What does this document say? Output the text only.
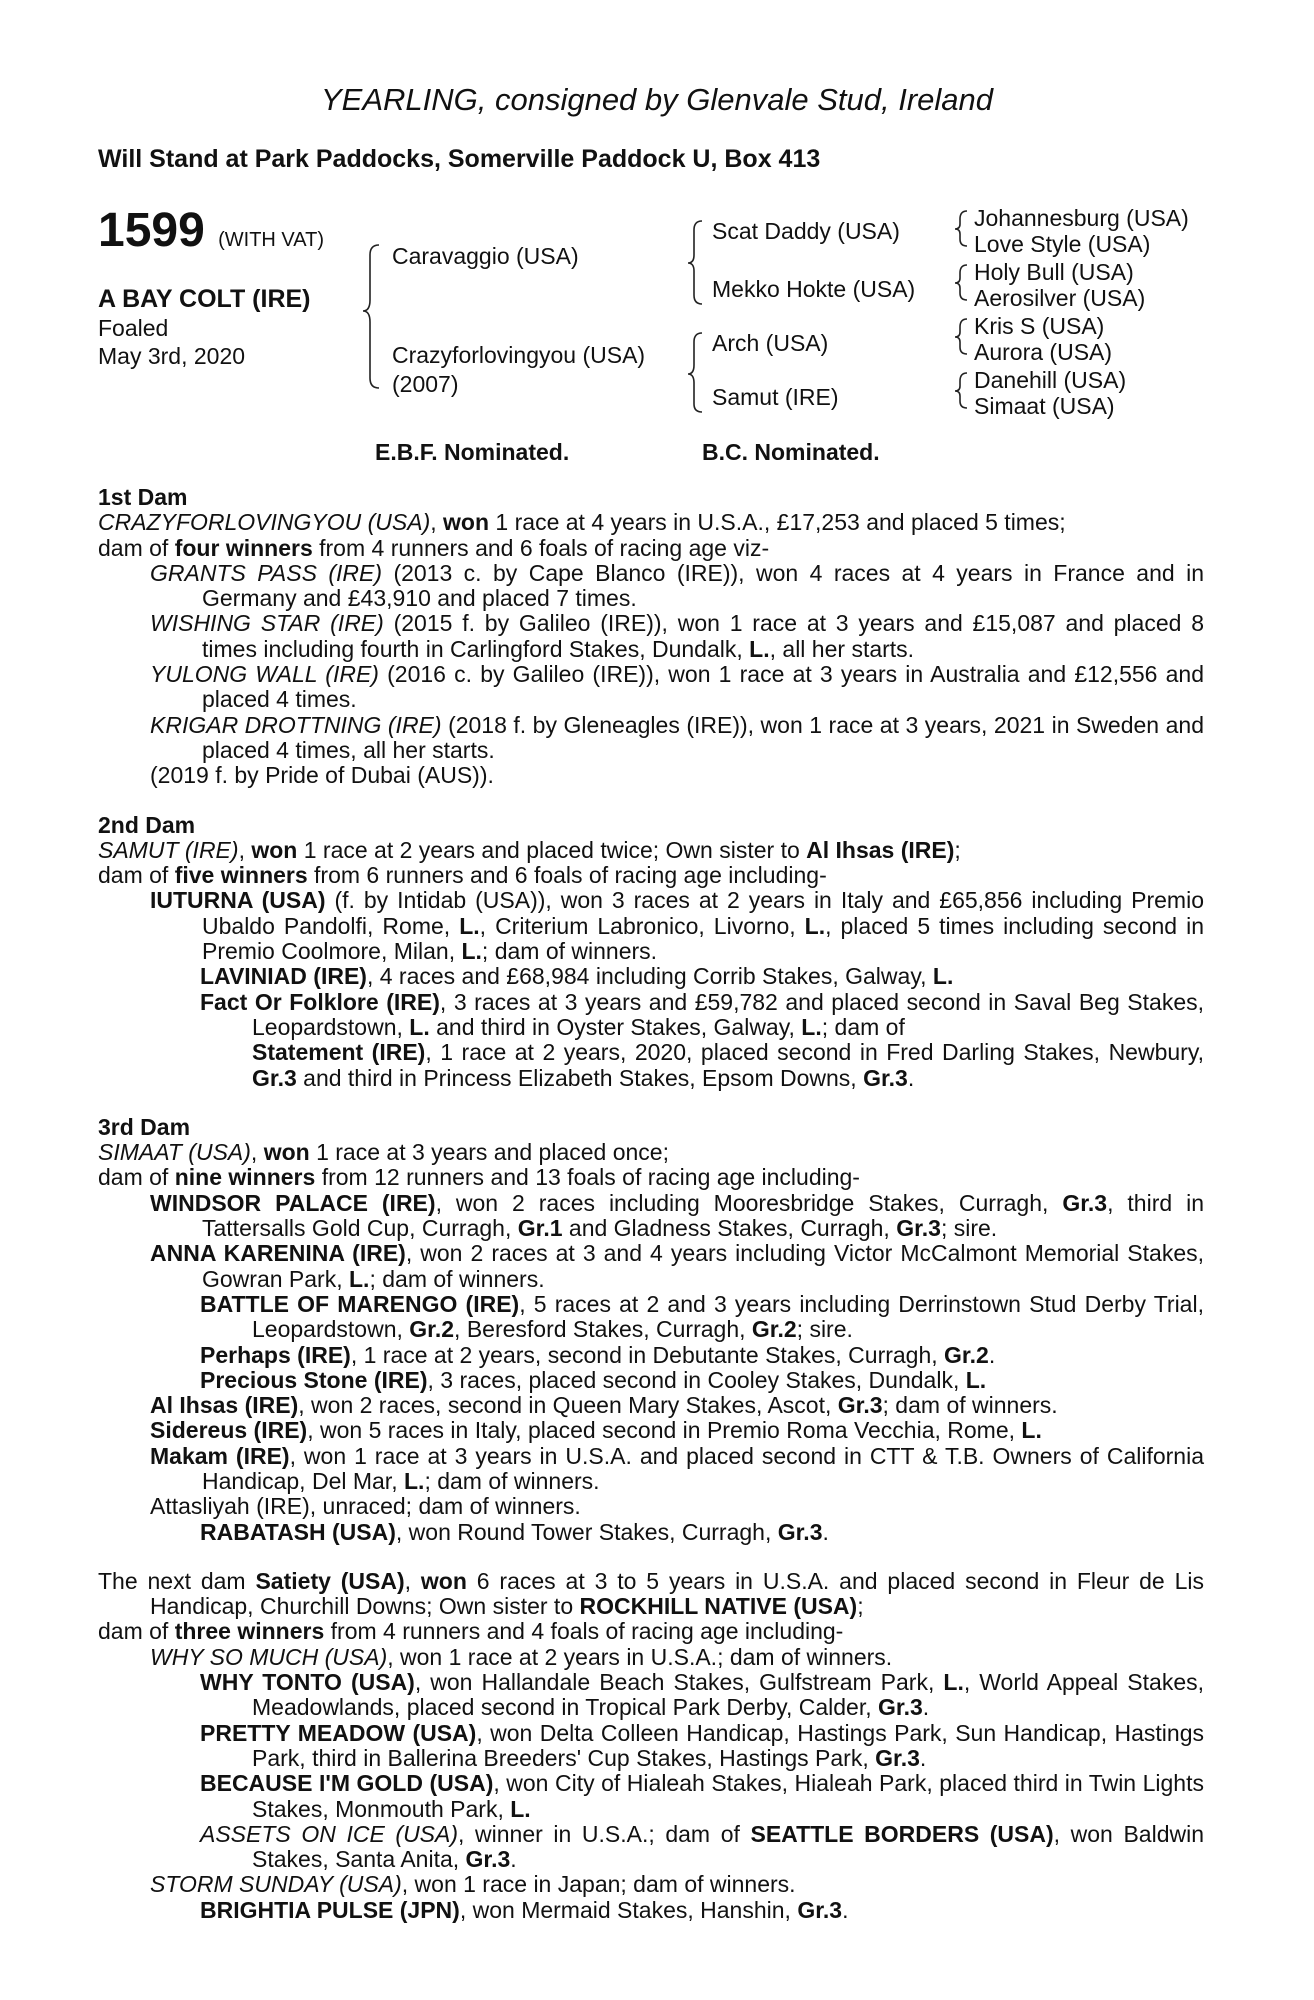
YEARLING, consigned by Glenvale Stud, Ireland
Will Stand at Park Paddocks, Somerville Paddock U, Box 413
1599 (WITH VAT)
A BAY COLT (IRE)
Foaled
May 3rd, 2020
Caravaggio (USA)
Crazyforlovingyou (USA)
(2007)
Scat Daddy (USA)
Mekko Hokte (USA)
Arch (USA)
Samut (IRE)
Johannesburg (USA)
Love Style (USA)
Holy Bull (USA)
Aerosilver (USA)
Kris S (USA)
Aurora (USA)
Danehill (USA)
Simaat (USA)
E.B.F. Nominated.	B.C. Nominated.
1st Dam
CRAZYFORLOVINGYOU (USA), won 1 race at 4 years in U.S.A., £17,253 and placed 5 times;
dam of four winners from 4 runners and 6 foals of racing age viz-
GRANTS PASS (IRE) (2013 c. by Cape Blanco (IRE)), won 4 races at 4 years in France and in Germany and £43,910 and placed 7 times.
WISHING STAR (IRE) (2015 f. by Galileo (IRE)), won 1 race at 3 years and £15,087 and placed 8 times including fourth in Carlingford Stakes, Dundalk, L., all her starts.
YULONG WALL (IRE) (2016 c. by Galileo (IRE)), won 1 race at 3 years in Australia and £12,556 and placed 4 times.
KRIGAR DROTTNING (IRE) (2018 f. by Gleneagles (IRE)), won 1 race at 3 years, 2021 in Sweden and placed 4 times, all her starts.
(2019 f. by Pride of Dubai (AUS)).
2nd Dam
SAMUT (IRE), won 1 race at 2 years and placed twice; Own sister to Al Ihsas (IRE);
dam of five winners from 6 runners and 6 foals of racing age including-
IUTURNA (USA) (f. by Intidab (USA)), won 3 races at 2 years in Italy and £65,856 including Premio Ubaldo Pandolfi, Rome, L., Criterium Labronico, Livorno, L., placed 5 times including second in Premio Coolmore, Milan, L.; dam of winners.
LAVINIAD (IRE), 4 races and £68,984 including Corrib Stakes, Galway, L.
Fact Or Folklore (IRE), 3 races at 3 years and £59,782 and placed second in Saval Beg Stakes, Leopardstown, L. and third in Oyster Stakes, Galway, L.; dam of
Statement (IRE), 1 race at 2 years, 2020, placed second in Fred Darling Stakes, Newbury, Gr.3 and third in Princess Elizabeth Stakes, Epsom Downs, Gr.3.
3rd Dam
SIMAAT (USA), won 1 race at 3 years and placed once;
dam of nine winners from 12 runners and 13 foals of racing age including-
WINDSOR PALACE (IRE), won 2 races including Mooresbridge Stakes, Curragh, Gr.3, third in Tattersalls Gold Cup, Curragh, Gr.1 and Gladness Stakes, Curragh, Gr.3; sire.
ANNA KARENINA (IRE), won 2 races at 3 and 4 years including Victor McCalmont Memorial Stakes, Gowran Park, L.; dam of winners.
BATTLE OF MARENGO (IRE), 5 races at 2 and 3 years including Derrinstown Stud Derby Trial, Leopardstown, Gr.2, Beresford Stakes, Curragh, Gr.2; sire.
Perhaps (IRE), 1 race at 2 years, second in Debutante Stakes, Curragh, Gr.2.
Precious Stone (IRE), 3 races, placed second in Cooley Stakes, Dundalk, L.
Al Ihsas (IRE), won 2 races, second in Queen Mary Stakes, Ascot, Gr.3; dam of winners.
Sidereus (IRE), won 5 races in Italy, placed second in Premio Roma Vecchia, Rome, L.
Makam (IRE), won 1 race at 3 years in U.S.A. and placed second in CTT & T.B. Owners of California Handicap, Del Mar, L.; dam of winners.
Attasliyah (IRE), unraced; dam of winners.
RABATASH (USA), won Round Tower Stakes, Curragh, Gr.3.
The next dam Satiety (USA), won 6 races at 3 to 5 years in U.S.A. and placed second in Fleur de Lis Handicap, Churchill Downs; Own sister to ROCKHILL NATIVE (USA);
dam of three winners from 4 runners and 4 foals of racing age including-
WHY SO MUCH (USA), won 1 race at 2 years in U.S.A.; dam of winners.
WHY TONTO (USA), won Hallandale Beach Stakes, Gulfstream Park, L., World Appeal Stakes, Meadowlands, placed second in Tropical Park Derby, Calder, Gr.3.
PRETTY MEADOW (USA), won Delta Colleen Handicap, Hastings Park, Sun Handicap, Hastings Park, third in Ballerina Breeders' Cup Stakes, Hastings Park, Gr.3.
BECAUSE I'M GOLD (USA), won City of Hialeah Stakes, Hialeah Park, placed third in Twin Lights Stakes, Monmouth Park, L.
ASSETS ON ICE (USA), winner in U.S.A.; dam of SEATTLE BORDERS (USA), won Baldwin Stakes, Santa Anita, Gr.3.
STORM SUNDAY (USA), won 1 race in Japan; dam of winners.
BRIGHTIA PULSE (JPN), won Mermaid Stakes, Hanshin, Gr.3.
